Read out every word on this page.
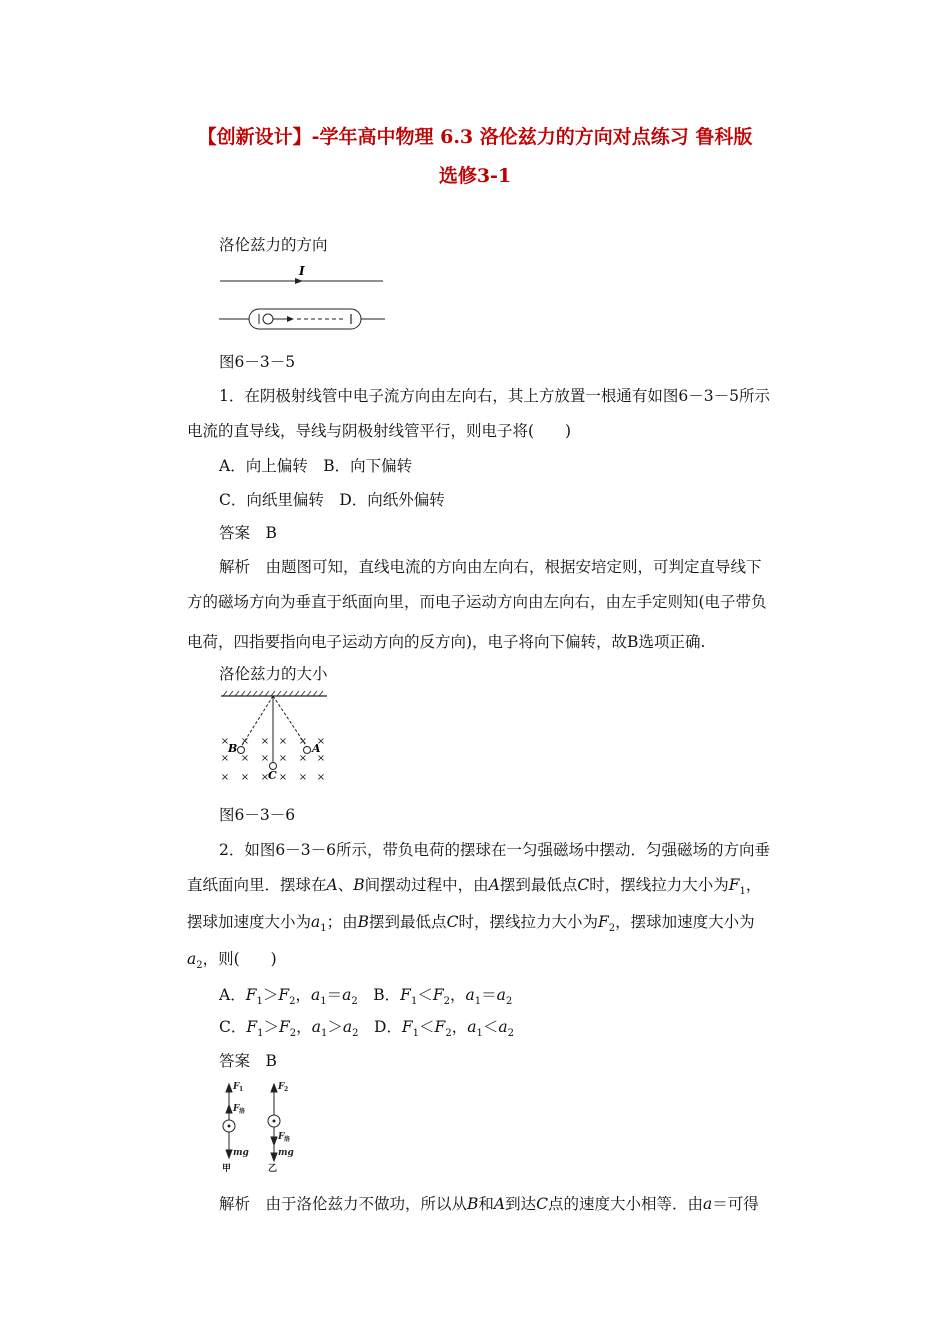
【创新设计】-学年高中物理 6.3 洛伦兹力的方向对点练习 鲁科版
选修3-1
洛伦兹力的方向
I
图6－3－5
1．在阴极射线管中电子流方向由左向右，其上方放置一根通有如图6－3－5所示
电流的直导线，导线与阴极射线管平行，则电子将(　　)
A．向上偏转　B．向下偏转
C．向纸里偏转　D．向纸外偏转
答案　B
解析　由题图可知，直线电流的方向由左向右，根据安培定则，可判定直导线下
方的磁场方向为垂直于纸面向里，而电子运动方向由左向右，由左手定则知(电子带负
电荷，四指要指向电子运动方向的反方向)，电子将向下偏转，故B选项正确.
洛伦兹力的大小
× × × × × ×
× × × × × ×
× × × × × ×
B	A
C
图6－3－6
2．如图6－3－6所示，带负电荷的摆球在一匀强磁场中摆动．匀强磁场的方向垂
直纸面向里．摆球在A、B间摆动过程中，由A摆到最低点C时，摆线拉力大小为$F_1$，
摆球加速度大小为$a_1$；由B摆到最低点C时，摆线拉力大小为$F_2$，摆球加速度大小为
$a_2$，则(　　)
A．$F_1>F_2$，$a_1=a_2$　B．$F_1<F_2$，$a_1=a_2$
C．$F_1>F_2$，$a_1>a_2$　D．$F_1<F_2$，$a_1<a_2$
答案　B
F 1
F 洛
mg
甲
F 2
F 洛
mg
乙
解析　由于洛伦兹力不做功，所以从B和A到达C点的速度大小相等．由a＝可得
